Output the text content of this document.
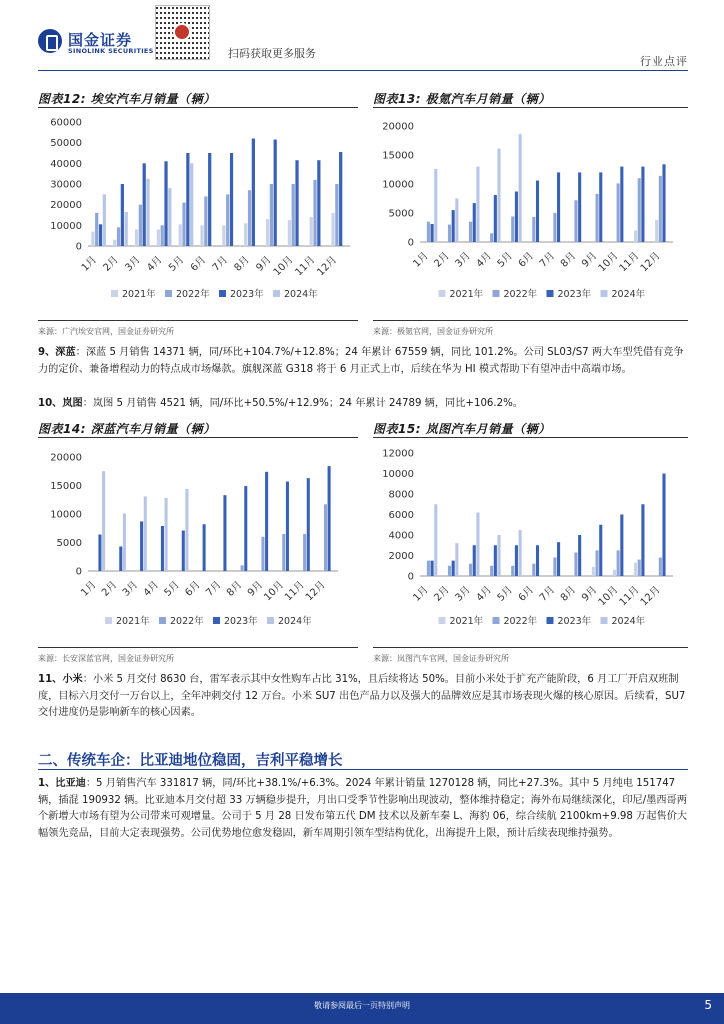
国金证券
SINOLINK SECURITIES	扫码获取更多服务
行业点评
图表12: 埃安汽车月销量（辆）	图表13: 极氪汽车月销量（辆）
0
10000
20000
30000
40000
50000
60000
1月 2月 3月 4月 5月 6月 7月 8月 9月
10月
11月
12月
2021年 2022年 2023年 2024年
0
5000
10000
15000
20000
1月 2月 3月 4月 5月 6月 7月 8月 9月
10月
11月
12月
2021年 2022年 2023年 2024年
来源：广汽埃安官网，国金证券研究所	来源：极氪官网，国金证券研究所
9、深蓝：深蓝 5 月销售 14371 辆，同/环比+104.7%/+12.8%；24 年累计 67559 辆，同比 101.2%。公司 SL03/S7 两大车型凭借有竞争力的定价、兼备增程动力的特点成市场爆款。旗舰深蓝 G318 将于 6 月正式上市，后续在华为 HI 模式帮助下有望冲击中高端市场。
10、岚图：岚图 5 月销售 4521 辆，同/环比+50.5%/+12.9%；24 年累计 24789 辆，同比+106.2%。
图表14: 深蓝汽车月销量（辆）	图表15: 岚图汽车月销量（辆）
0
5000
10000
15000
20000
1月 2月 3月 4月 5月 6月 7月 8月 9月
10月
11月
12月
2021年 2022年 2023年 2024年
0
2000
4000
6000
8000
10000
12000
1月 2月 3月 4月 5月 6月 7月 8月 9月
10月
11月
12月
2021年 2022年 2023年 2024年
来源：长安深蓝官网，国金证券研究所	来源：岚图汽车官网，国金证券研究所
11、小米：小米 5 月交付 8630 台，雷军表示其中女性购车占比 31%，且后续将达 50%。目前小米处于扩充产能阶段，6 月工厂开启双班制度，目标六月交付一万台以上，全年冲刺交付 12 万台。小米 SU7 出色产品力以及强大的品牌效应是其市场表现火爆的核心原因。后续看，SU7 交付进度仍是影响新车的核心因素。
二、传统车企：比亚迪地位稳固，吉利平稳增长
1、比亚迪：5 月销售汽车 331817 辆，同/环比+38.1%/+6.3%。2024 年累计销量 1270128 辆，同比+27.3%。其中 5 月纯电 151747 辆，插混 190932 辆。比亚迪本月交付超 33 万辆稳步提升，月出口受季节性影响出现波动，整体维持稳定；海外布局继续深化，印尼/墨西哥两个新增大市场有望为公司带来可观增量。公司于 5 月 28 日发布第五代 DM 技术以及新车秦 L、海豹 06，综合续航 2100km+9.98 万起售价大幅领先竞品，目前大定表现强势。公司优势地位愈发稳固，新车周期引领车型结构优化，出海提升上限，预计后续表现维持强势。
敬请参阅最后一页特别声明	5
